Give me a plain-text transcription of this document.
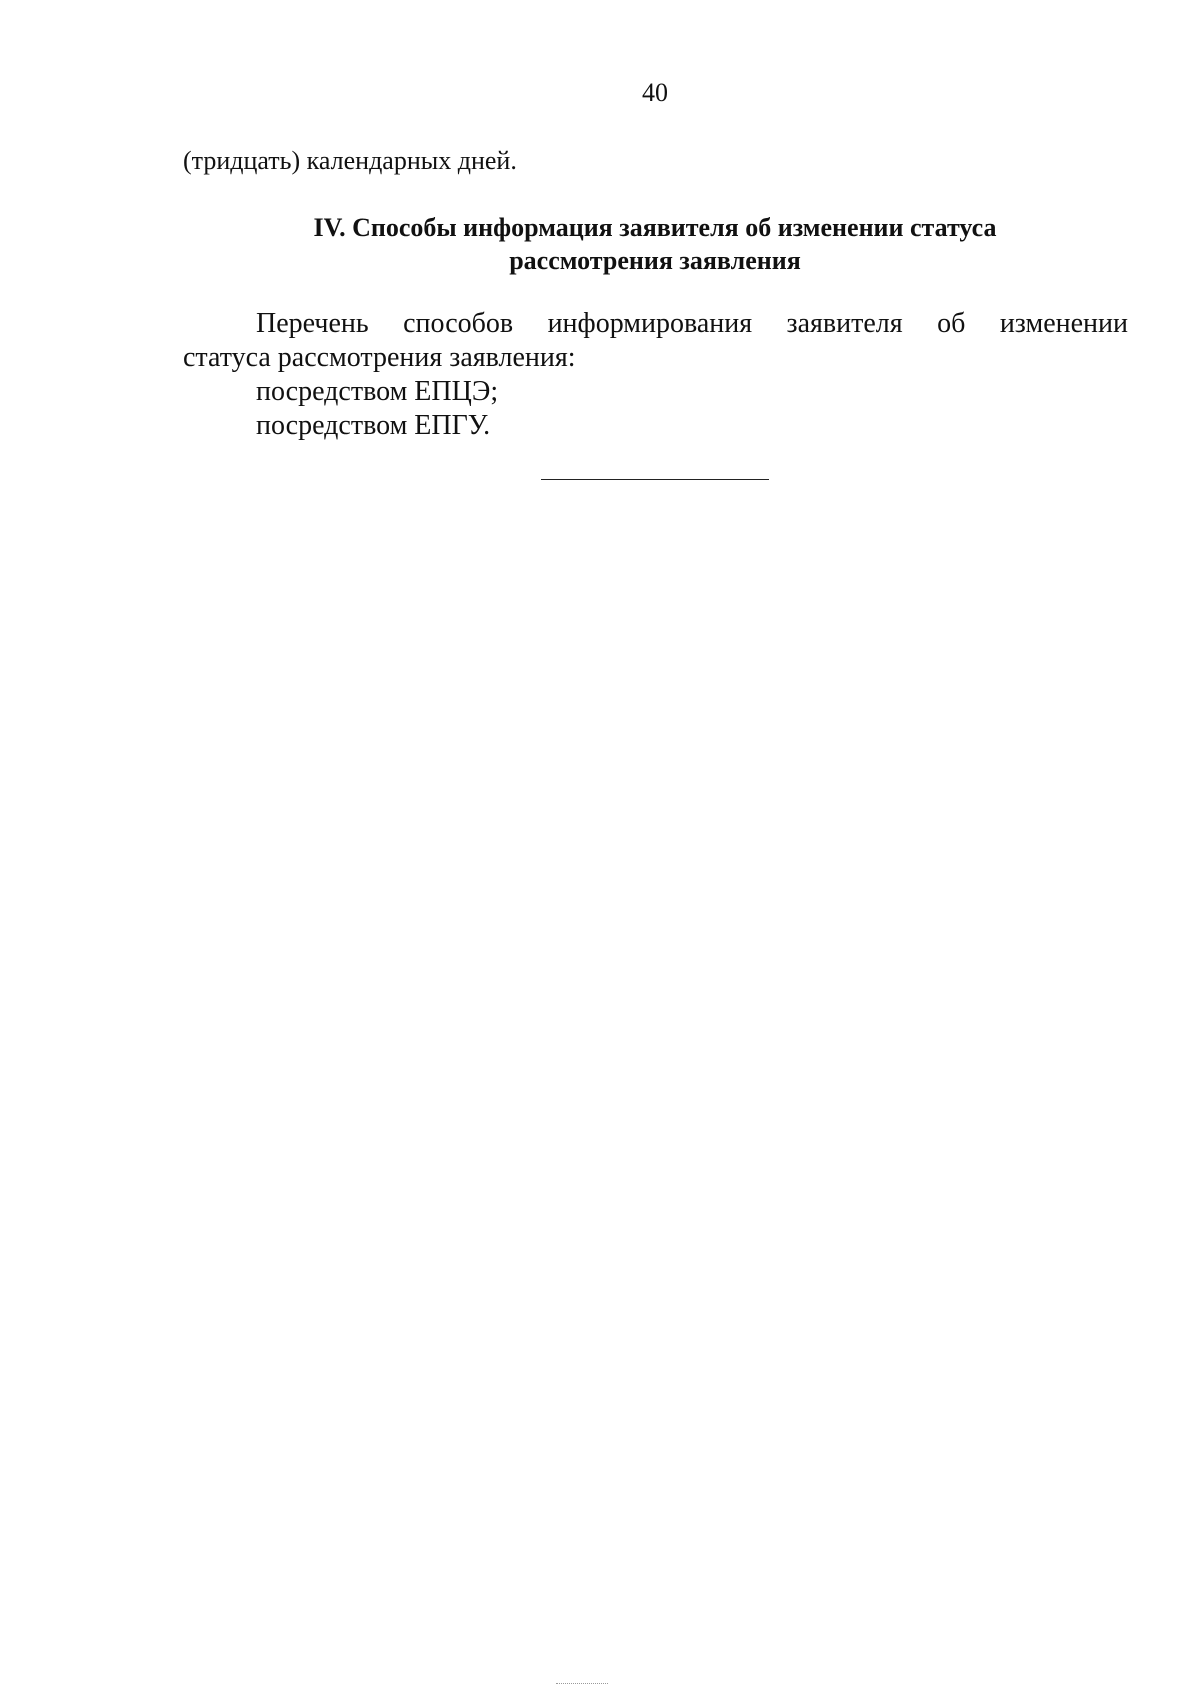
40
(тридцать) календарных дней.
IV. Способы информация заявителя об изменении статуса
рассмотрения заявления
Перечень способов информирования заявителя об изменении
статуса рассмотрения заявления:
посредством ЕПЦЭ;
посредством ЕПГУ.
